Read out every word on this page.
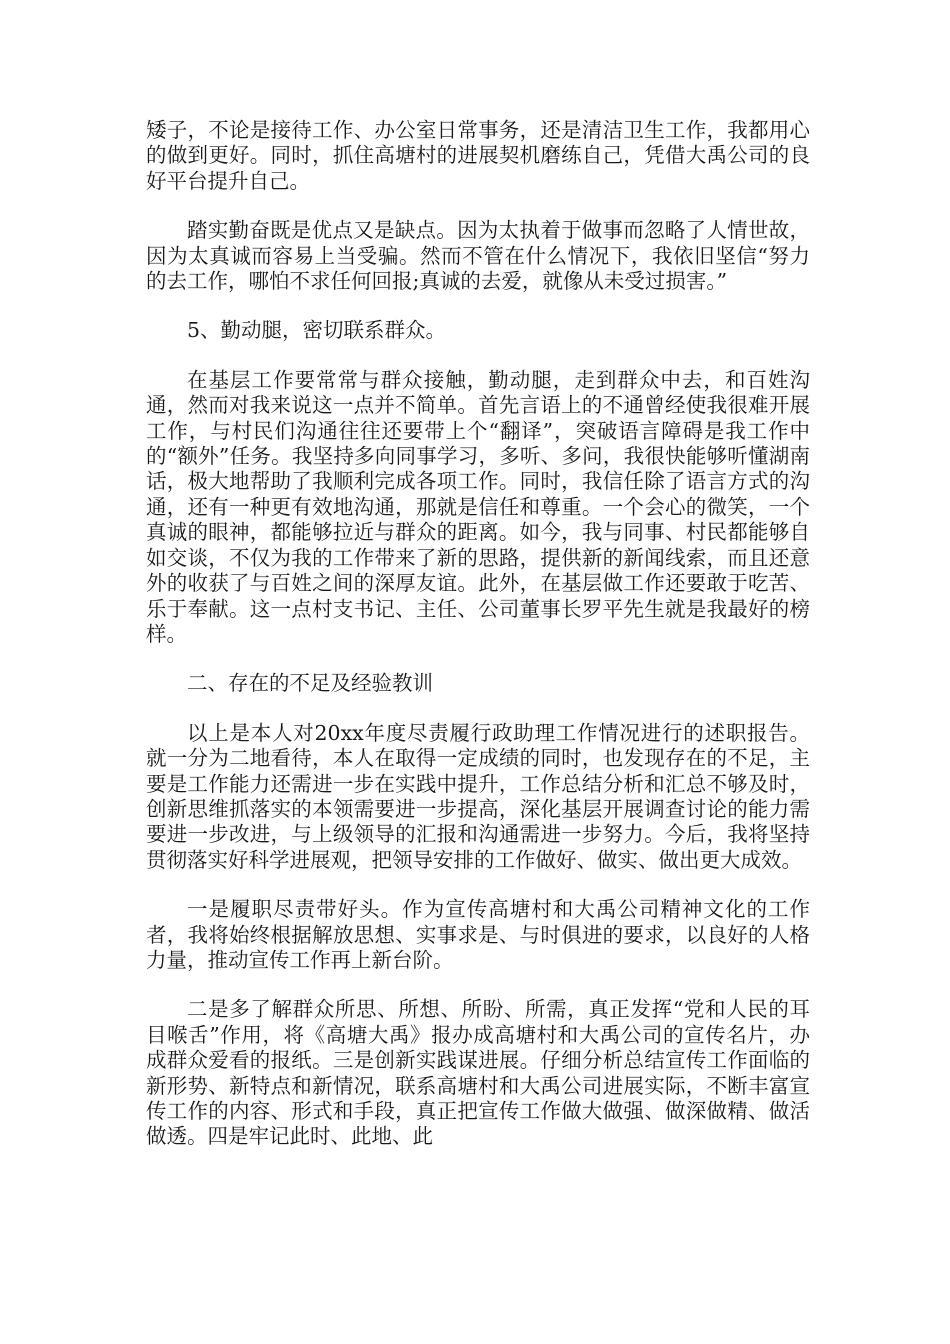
矮子，不论是接待工作、办公室日常事务，还是清洁卫生工作，我都用心的做到更好。同时，抓住高塘村的进展契机磨练自己，凭借大禹公司的良好平台提升自己。

踏实勤奋既是优点又是缺点。因为太执着于做事而忽略了人情世故，因为太真诚而容易上当受骗。然而不管在什么情况下，我依旧坚信“努力的去工作，哪怕不求任何回报;真诚的去爱，就像从未受过损害。”

5、勤动腿，密切联系群众。

在基层工作要常常与群众接触，勤动腿，走到群众中去，和百姓沟通，然而对我来说这一点并不简单。首先言语上的不通曾经使我很难开展工作，与村民们沟通往往还要带上个“翻译”，突破语言障碍是我工作中的“额外”任务。我坚持多向同事学习，多听、多问，我很快能够听懂湖南话，极大地帮助了我顺利完成各项工作。同时，我信任除了语言方式的沟通，还有一种更有效地沟通，那就是信任和尊重。一个会心的微笑，一个真诚的眼神，都能够拉近与群众的距离。如今，我与同事、村民都能够自如交谈，不仅为我的工作带来了新的思路，提供新的新闻线索，而且还意外的收获了与百姓之间的深厚友谊。此外，在基层做工作还要敢于吃苦、乐于奉献。这一点村支书记、主任、公司董事长罗平先生就是我最好的榜样。

二、存在的不足及经验教训

以上是本人对20xx年度尽责履行政助理工作情况进行的述职报告。就一分为二地看待，本人在取得一定成绩的同时，也发现存在的不足，主要是工作能力还需进一步在实践中提升，工作总结分析和汇总不够及时，创新思维抓落实的本领需要进一步提高，深化基层开展调查讨论的能力需要进一步改进，与上级领导的汇报和沟通需进一步努力。今后，我将坚持贯彻落实好科学进展观，把领导安排的工作做好、做实、做出更大成效。

一是履职尽责带好头。作为宣传高塘村和大禹公司精神文化的工作者，我将始终根据解放思想、实事求是、与时俱进的要求，以良好的人格力量，推动宣传工作再上新台阶。

二是多了解群众所思、所想、所盼、所需，真正发挥“党和人民的耳目喉舌”作用，将《高塘大禹》报办成高塘村和大禹公司的宣传名片，办成群众爱看的报纸。三是创新实践谋进展。仔细分析总结宣传工作面临的新形势、新特点和新情况，联系高塘村和大禹公司进展实际，不断丰富宣传工作的内容、形式和手段，真正把宣传工作做大做强、做深做精、做活做透。四是牢记此时、此地、此
